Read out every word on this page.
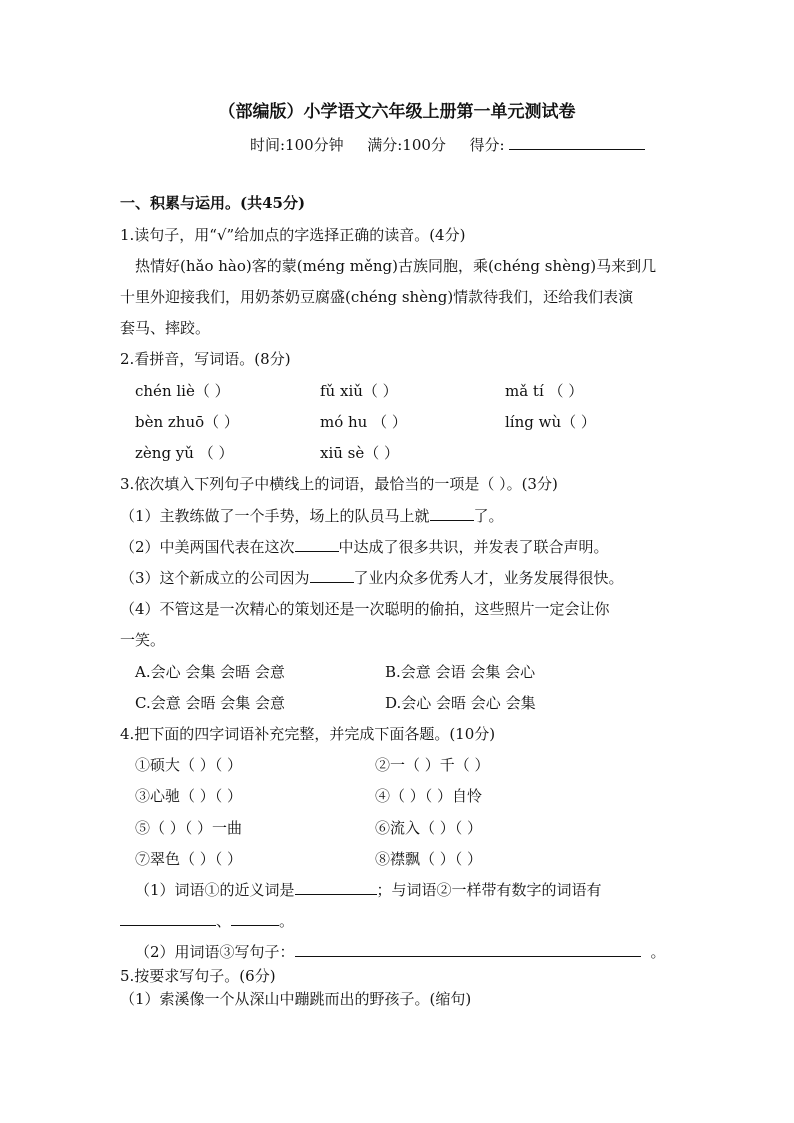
（部编版）小学语文六年级上册第一单元测试卷
时间:100分钟 满分:100分 得分:
一、积累与运用。(共45分)
1.读句子，用“√”给加点的字选择正确的读音。(4分)
热情好(hǎo hào)客的蒙(méng měng)古族同胞，乘(chéng shèng)马来到几
十里外迎接我们，用奶茶奶豆腐盛(chéng shèng)情款待我们，还给我们表演
套马、摔跤。
2.看拼音，写词语。(8分)
chén liè（ ）	fǔ xiǔ（ ）	mǎ tí （ ）
bèn zhuō（ ）	mó hu （ ）	líng wù（ ）
zèng yǔ （ ）	xiū sè（ ）
3.依次填入下列句子中横线上的词语，最恰当的一项是（ ）。(3分)
（1）主教练做了一个手势，场上的队员马上就	了。
（2）中美两国代表在这次	中达成了很多共识，并发表了联合声明。
（3）这个新成立的公司因为	了业内众多优秀人才，业务发展得很快。
（4）不管这是一次精心的策划还是一次聪明的偷拍，这些照片一定会让你
一笑。
A.会心 会集 会晤 会意	B.会意 会语 会集 会心
C.会意 会晤 会集 会意	D.会心 会晤 会心 会集
4.把下面的四字词语补充完整，并完成下面各题。(10分)
①硕大（ ）（ ）	②一（ ）千（ ）
③心驰（ ）（ ）	④（ ）（ ）自怜
⑤（ ）（ ）一曲	⑥流入（ ）（ ）
⑦翠色（ ）（ ）	⑧襟飘（ ）（ ）
（1）词语①的近义词是	；与词语②一样带有数字的词语有
、	。
（2）用词语③写句子：	。
5.按要求写句子。(6分)
（1）索溪像一个从深山中蹦跳而出的野孩子。(缩句)
